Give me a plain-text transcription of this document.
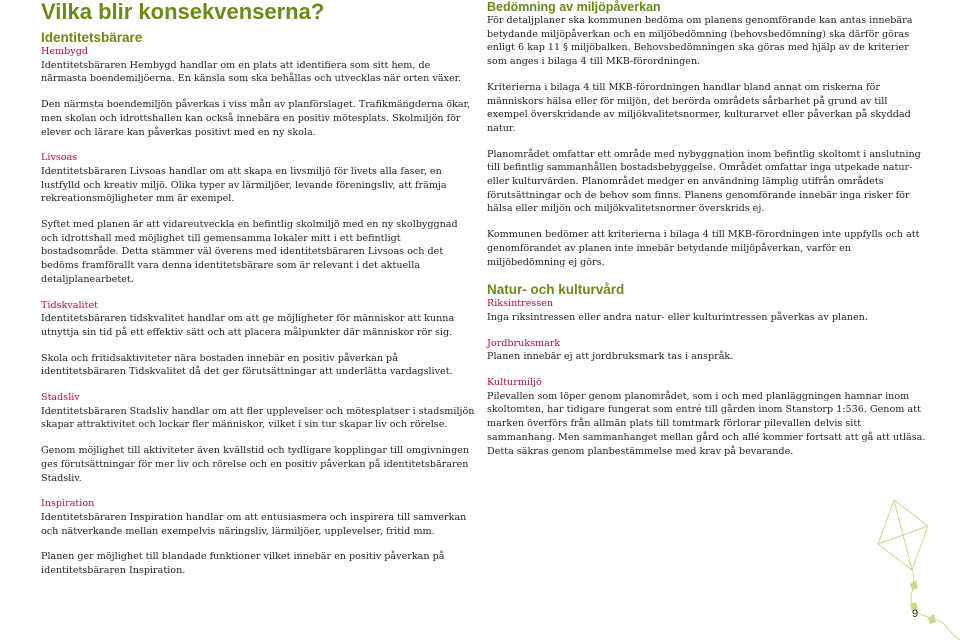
Vilka blir konsekvenserna?
Identitetsbärare
Hembygd

Identitetsbäraren Hembygd handlar om en plats att identifiera som sitt hem, de närmasta boendemiljöerna. En känsla som ska behållas och utvecklas när orten växer.

Den närmsta boendemiljön påverkas i viss mån av planförslaget. Trafikmängderna ökar, men skolan och idrottshallen kan också innebära en positiv mötesplats. Skolmiljön för elever och lärare kan påverkas positivt med en ny skola.

Livsoas

Identitetsbäraren Livsoas handlar om att skapa en livsmiljö för livets alla faser, en lustfylld och kreativ miljö. Olika typer av lärmiljöer, levande föreningsliv, att främja rekreationsmöjligheter mm är exempel.

Syftet med planen är att vidareutveckla en befintlig skolmiljö med en ny skolbyggnad och idrottshall med möjlighet till gemensamma lokaler mitt i ett befintligt bostadsområde. Detta stämmer väl överens med identitetsbäraren Livsoas och det bedöms framförallt vara denna identitetsbärare som är relevant i det aktuella detaljplanearbetet.

Tidskvalitet

Identitetsbäraren tidskvalitet handlar om att ge möjligheter för människor att kunna utnyttja sin tid på ett effektiv sätt och att placera målpunkter där människor rör sig.

Skola och fritidsaktiviteter nära bostaden innebär en positiv påverkan på identitetsbäraren Tidskvalitet då det ger förutsättningar att underlätta vardagslivet.

Stadsliv

Identitetsbäraren Stadsliv handlar om att fler upplevelser och mötesplatser i stadsmiljön skapar attraktivitet och lockar fler människor, vilket i sin tur skapar liv och rörelse.

Genom möjlighet till aktiviteter även kvällstid och tydligare kopplingar till omgivningen ges förutsättningar för mer liv och rörelse och en positiv påverkan på identitetsbäraren Stadsliv.

Inspiration

Identitetsbäraren Inspiration handlar om att entusiasmera och inspirera till samverkan och nätverkande mellan exempelvis näringsliv, lärmiljöer, upplevelser, fritid mm.

Planen ger möjlighet till blandade funktioner vilket innebär en positiv påverkan på identitetsbäraren Inspiration.

Bedömning av miljöpåverkan

För detaljplaner ska kommunen bedöma om planens genomförande kan antas innebära betydande miljöpåverkan och en miljöbedömning (behovsbedömning) ska därför göras enligt 6 kap 11 § miljöbalken. Behovsbedömningen ska göras med hjälp av de kriterier som anges i bilaga 4 till MKB-förordningen.

Kriterierna i bilaga 4 till MKB-förordningen handlar bland annat om riskerna för människors hälsa eller för miljön, det berörda områdets sårbarhet på grund av till exempel överskridande av miljökvalitetsnormer, kulturarvet eller påverkan på skyddad natur.

Planområdet omfattar ett område med nybyggnation inom befintlig skoltomt i anslutning till befintlig sammanhållen bostadsbebyggelse. Området omfattar inga utpekade natur- eller kulturvärden. Planområdet medger en användning lämplig utifrån områdets förutsättningar och de behov som finns. Planens genomförande innebär inga risker för hälsa eller miljön och miljökvalitetsnormer överskrids ej.

Kommunen bedömer att kriterierna i bilaga 4 till MKB-förordningen inte uppfylls och att genomförandet av planen inte innebär betydande miljöpåverkan, varför en miljöbedömning ej görs.

Natur- och kulturvård
Riksintressen

Inga riksintressen eller andra natur- eller kulturintressen påverkas av planen.

Jordbruksmark

Planen innebär ej att jordbruksmark tas i anspråk.

Kulturmiljö

Pilevallen som löper genom planområdet, som i och med planläggningen hamnar inom skoltomten, har tidigare fungerat som entré till gården inom Stanstorp 1:536. Genom att marken överförs från allmän plats till tomtmark förlorar pilevallen delvis sitt sammanhang. Men sammanhanget mellan gård och allé kommer fortsatt att gå att utläsa. Detta säkras genom planbestämmelse med krav på bevarande.

9
